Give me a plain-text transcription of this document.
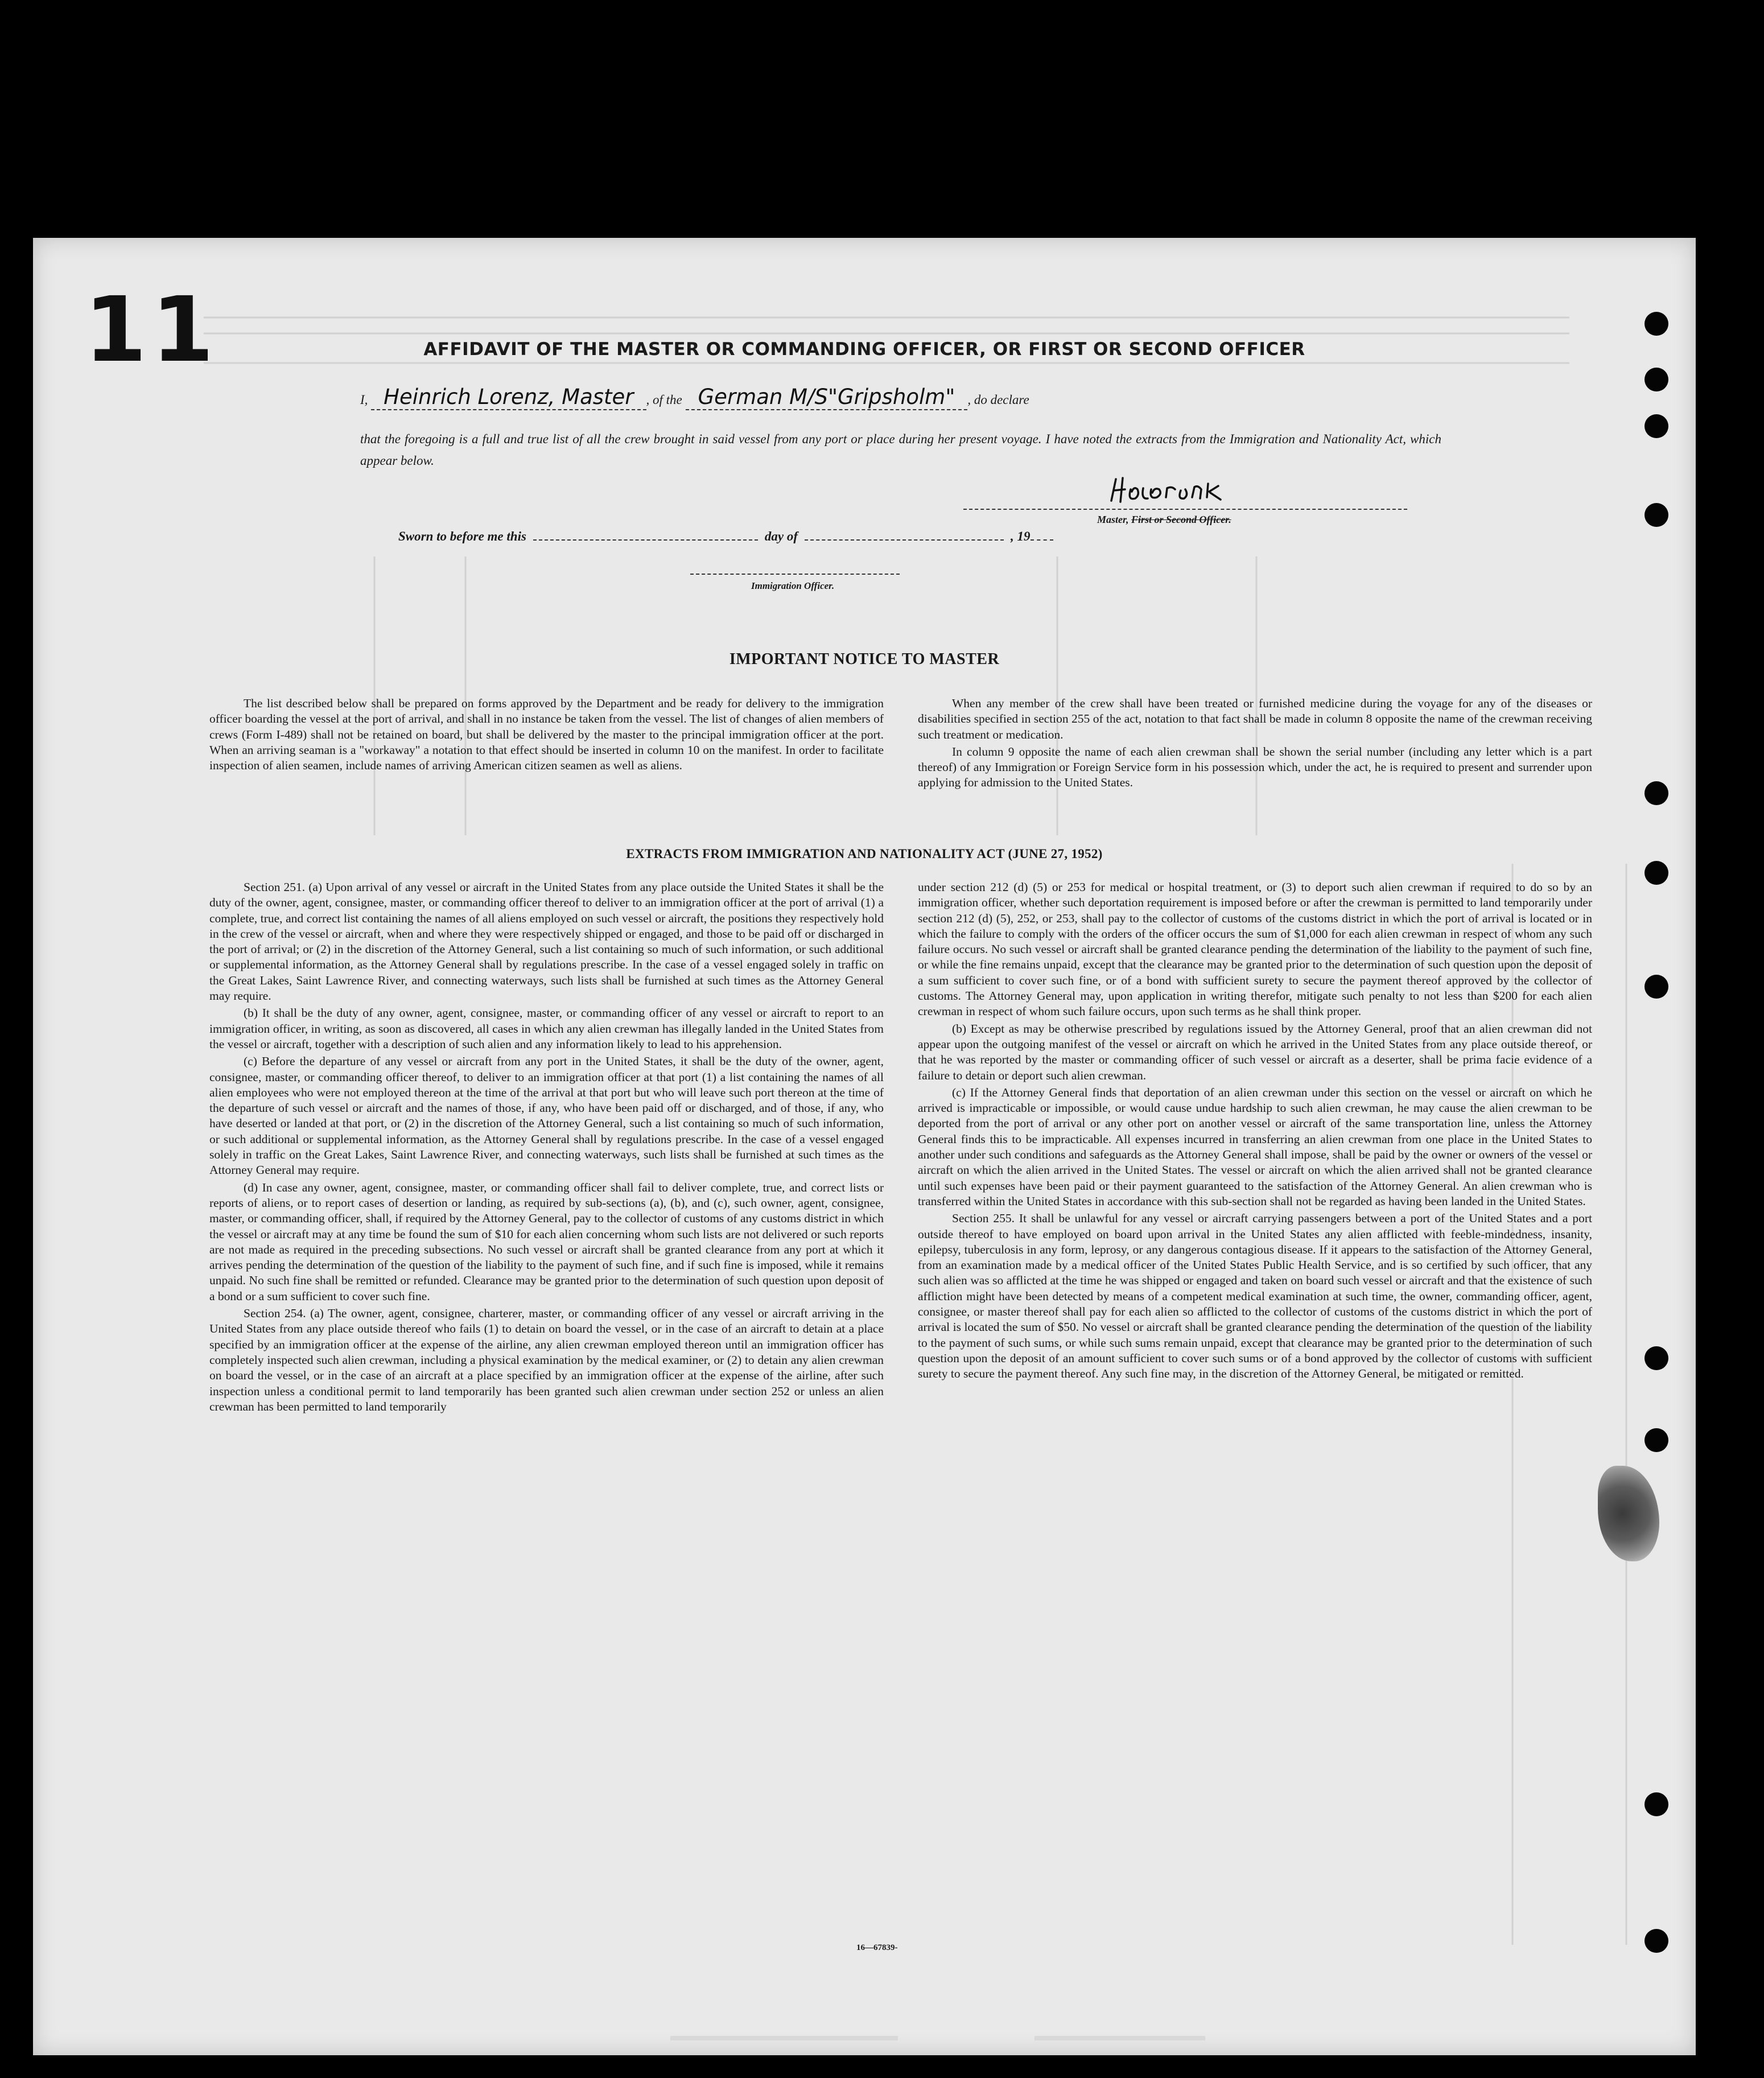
11	AFFIDAVIT OF THE MASTER OR COMMANDING OFFICER, OR FIRST OR SECOND OFFICER
I, Heinrich Lorenz, Master , of the German M/S"Gripsholm" , do declare
that the foregoing is a full and true list of all the crew brought in said vessel from any port or place during her present voyage. I have noted the extracts from the Immigration and Nationality Act, which appear below.
Master, First or Second Officer.
Sworn to before me this	day of	, 19
Immigration Officer.
IMPORTANT NOTICE TO MASTER

The list described below shall be prepared on forms approved by the Department and be ready for delivery to the immigration officer boarding the vessel at the port of arrival, and shall in no instance be taken from the vessel. The list of changes of alien members of crews (Form I-489) shall not be retained on board, but shall be delivered by the master to the principal immigration officer at the port. When an arriving seaman is a "workaway" a notation to that effect should be inserted in column 10 on the manifest. In order to facilitate inspection of alien seamen, include names of arriving American citizen seamen as well as aliens.

When any member of the crew shall have been treated or furnished medicine during the voyage for any of the diseases or disabilities specified in section 255 of the act, notation to that fact shall be made in column 8 opposite the name of the crewman receiving such treatment or medication.

In column 9 opposite the name of each alien crewman shall be shown the serial number (including any letter which is a part thereof) of any Immigration or Foreign Service form in his possession which, under the act, he is required to present and surrender upon applying for admission to the United States.

EXTRACTS FROM IMMIGRATION AND NATIONALITY ACT (JUNE 27, 1952)

Section 251. (a) Upon arrival of any vessel or aircraft in the United States from any place outside the United States it shall be the duty of the owner, agent, consignee, master, or commanding officer thereof to deliver to an immigration officer at the port of arrival (1) a complete, true, and correct list containing the names of all aliens employed on such vessel or aircraft, the positions they respectively hold in the crew of the vessel or aircraft, when and where they were respectively shipped or engaged, and those to be paid off or discharged in the port of arrival; or (2) in the discretion of the Attorney General, such a list containing so much of such information, or such additional or supplemental information, as the Attorney General shall by regulations prescribe. In the case of a vessel engaged solely in traffic on the Great Lakes, Saint Lawrence River, and connecting waterways, such lists shall be furnished at such times as the Attorney General may require.

(b) It shall be the duty of any owner, agent, consignee, master, or commanding officer of any vessel or aircraft to report to an immigration officer, in writing, as soon as discovered, all cases in which any alien crewman has illegally landed in the United States from the vessel or aircraft, together with a description of such alien and any information likely to lead to his apprehension.

(c) Before the departure of any vessel or aircraft from any port in the United States, it shall be the duty of the owner, agent, consignee, master, or commanding officer thereof, to deliver to an immigration officer at that port (1) a list containing the names of all alien employees who were not employed thereon at the time of the arrival at that port but who will leave such port thereon at the time of the departure of such vessel or aircraft and the names of those, if any, who have been paid off or discharged, and of those, if any, who have deserted or landed at that port, or (2) in the discretion of the Attorney General, such a list containing so much of such information, or such additional or supplemental information, as the Attorney General shall by regulations prescribe. In the case of a vessel engaged solely in traffic on the Great Lakes, Saint Lawrence River, and connecting waterways, such lists shall be furnished at such times as the Attorney General may require.

(d) In case any owner, agent, consignee, master, or commanding officer shall fail to deliver complete, true, and correct lists or reports of aliens, or to report cases of desertion or landing, as required by sub-sections (a), (b), and (c), such owner, agent, consignee, master, or commanding officer, shall, if required by the Attorney General, pay to the collector of customs of any customs district in which the vessel or aircraft may at any time be found the sum of $10 for each alien concerning whom such lists are not delivered or such reports are not made as required in the preceding subsections. No such vessel or aircraft shall be granted clearance from any port at which it arrives pending the determination of the question of the liability to the payment of such fine, and if such fine is imposed, while it remains unpaid. No such fine shall be remitted or refunded. Clearance may be granted prior to the determination of such question upon deposit of a bond or a sum sufficient to cover such fine.

Section 254. (a) The owner, agent, consignee, charterer, master, or commanding officer of any vessel or aircraft arriving in the United States from any place outside thereof who fails (1) to detain on board the vessel, or in the case of an aircraft to detain at a place specified by an immigration officer at the expense of the airline, any alien crewman employed thereon until an immigration officer has completely inspected such alien crewman, including a physical examination by the medical examiner, or (2) to detain any alien crewman on board the vessel, or in the case of an aircraft at a place specified by an immigration officer at the expense of the airline, after such inspection unless a conditional permit to land temporarily has been granted such alien crewman under section 252 or unless an alien crewman has been permitted to land temporarily

under section 212 (d) (5) or 253 for medical or hospital treatment, or (3) to deport such alien crewman if required to do so by an immigration officer, whether such deportation requirement is imposed before or after the crewman is permitted to land temporarily under section 212 (d) (5), 252, or 253, shall pay to the collector of customs of the customs district in which the port of arrival is located or in which the failure to comply with the orders of the officer occurs the sum of $1,000 for each alien crewman in respect of whom any such failure occurs. No such vessel or aircraft shall be granted clearance pending the determination of the liability to the payment of such fine, or while the fine remains unpaid, except that the clearance may be granted prior to the determination of such question upon the deposit of a sum sufficient to cover such fine, or of a bond with sufficient surety to secure the payment thereof approved by the collector of customs. The Attorney General may, upon application in writing therefor, mitigate such penalty to not less than $200 for each alien crewman in respect of whom such failure occurs, upon such terms as he shall think proper.

(b) Except as may be otherwise prescribed by regulations issued by the Attorney General, proof that an alien crewman did not appear upon the outgoing manifest of the vessel or aircraft on which he arrived in the United States from any place outside thereof, or that he was reported by the master or commanding officer of such vessel or aircraft as a deserter, shall be prima facie evidence of a failure to detain or deport such alien crewman.

(c) If the Attorney General finds that deportation of an alien crewman under this section on the vessel or aircraft on which he arrived is impracticable or impossible, or would cause undue hardship to such alien crewman, he may cause the alien crewman to be deported from the port of arrival or any other port on another vessel or aircraft of the same transportation line, unless the Attorney General finds this to be impracticable. All expenses incurred in transferring an alien crewman from one place in the United States to another under such conditions and safeguards as the Attorney General shall impose, shall be paid by the owner or owners of the vessel or aircraft on which the alien arrived in the United States. The vessel or aircraft on which the alien arrived shall not be granted clearance until such expenses have been paid or their payment guaranteed to the satisfaction of the Attorney General. An alien crewman who is transferred within the United States in accordance with this sub-section shall not be regarded as having been landed in the United States.

Section 255. It shall be unlawful for any vessel or aircraft carrying passengers between a port of the United States and a port outside thereof to have employed on board upon arrival in the United States any alien afflicted with feeble-mindedness, insanity, epilepsy, tuberculosis in any form, leprosy, or any dangerous contagious disease. If it appears to the satisfaction of the Attorney General, from an examination made by a medical officer of the United States Public Health Service, and is so certified by such officer, that any such alien was so afflicted at the time he was shipped or engaged and taken on board such vessel or aircraft and that the existence of such affliction might have been detected by means of a competent medical examination at such time, the owner, commanding officer, agent, consignee, or master thereof shall pay for each alien so afflicted to the collector of customs of the customs district in which the port of arrival is located the sum of $50. No vessel or aircraft shall be granted clearance pending the determination of the question of the liability to the payment of such sums, or while such sums remain unpaid, except that clearance may be granted prior to the determination of such question upon the deposit of an amount sufficient to cover such sums or of a bond approved by the collector of customs with sufficient surety to secure the payment thereof. Any such fine may, in the discretion of the Attorney General, be mitigated or remitted.

16—67839-
